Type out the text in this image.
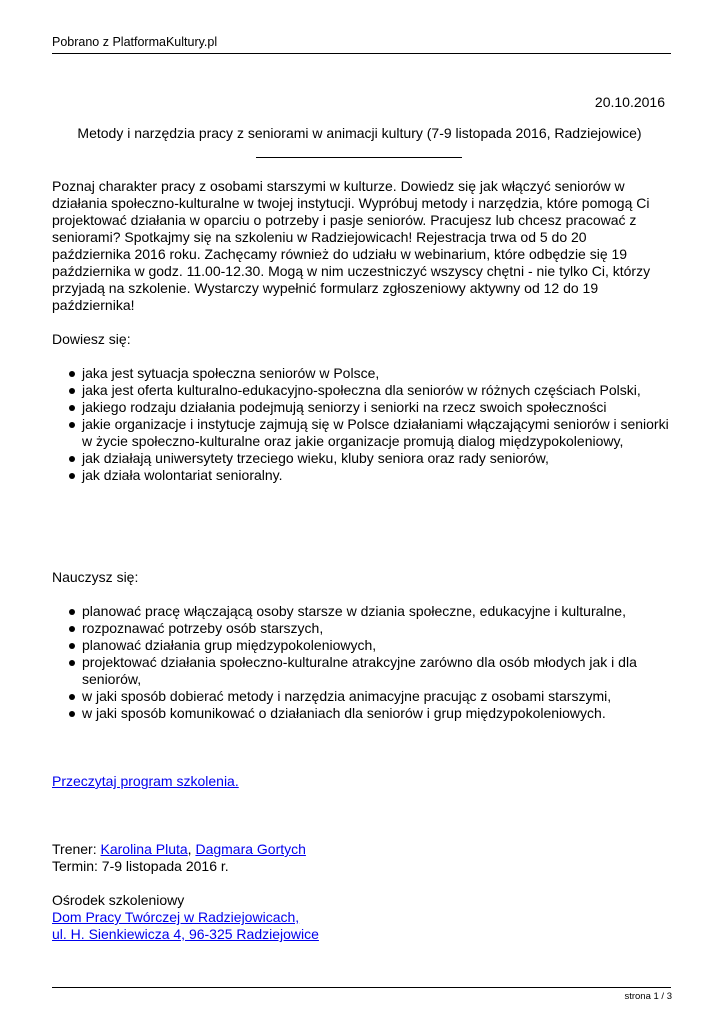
Pobrano z PlatformaKultury.pl
20.10.2016
Metody i narzędzia pracy z seniorami w animacji kultury (7-9 listopada 2016, Radziejowice)

Poznaj charakter pracy z osobami starszymi w kulturze. Dowiedz się jak włączyć seniorów w działania społeczno-kulturalne w twojej instytucji. Wypróbuj metody i narzędzia, które pomogą Ci projektować działania w oparciu o potrzeby i pasje seniorów. Pracujesz lub chcesz pracować z seniorami? Spotkajmy się na szkoleniu w Radziejowicach! Rejestracja trwa od 5 do 20 października 2016 roku. Zachęcamy również do udziału w webinarium, które odbędzie się 19 października w godz. 11.00-12.30. Mogą w nim uczestniczyć wszyscy chętni - nie tylko Ci, którzy przyjadą na szkolenie. Wystarczy wypełnić formularz zgłoszeniowy aktywny od 12 do 19 października!

Dowiesz się:

jaka jest sytuacja społeczna seniorów w Polsce,
jaka jest oferta kulturalno-edukacyjno-społeczna dla seniorów w różnych częściach Polski,
jakiego rodzaju działania podejmują seniorzy i seniorki na rzecz swoich społeczności
jakie organizacje i instytucje zajmują się w Polsce działaniami włączającymi seniorów i seniorki w życie społeczno-kulturalne oraz jakie organizacje promują dialog międzypokoleniowy,
jak działają uniwersytety trzeciego wieku, kluby seniora oraz rady seniorów,
jak działa wolontariat senioralny.

Nauczysz się:

planować pracę włączającą osoby starsze w dziania społeczne, edukacyjne i kulturalne,
rozpoznawać potrzeby osób starszych,
planować działania grup międzypokoleniowych,
projektować działania społeczno-kulturalne atrakcyjne zarówno dla osób młodych jak i dla seniorów,
w jaki sposób dobierać metody i narzędzia animacyjne pracując z osobami starszymi,
w jaki sposób komunikować o działaniach dla seniorów i grup międzypokoleniowych.

Przeczytaj program szkolenia.

Trener: Karolina Pluta, Dagmara Gortych

Termin: 7-9 listopada 2016 r.

Ośrodek szkoleniowy

Dom Pracy Twórczej w Radziejowicach,

ul. H. Sienkiewicza 4, 96-325 Radziejowice

strona 1 / 3
